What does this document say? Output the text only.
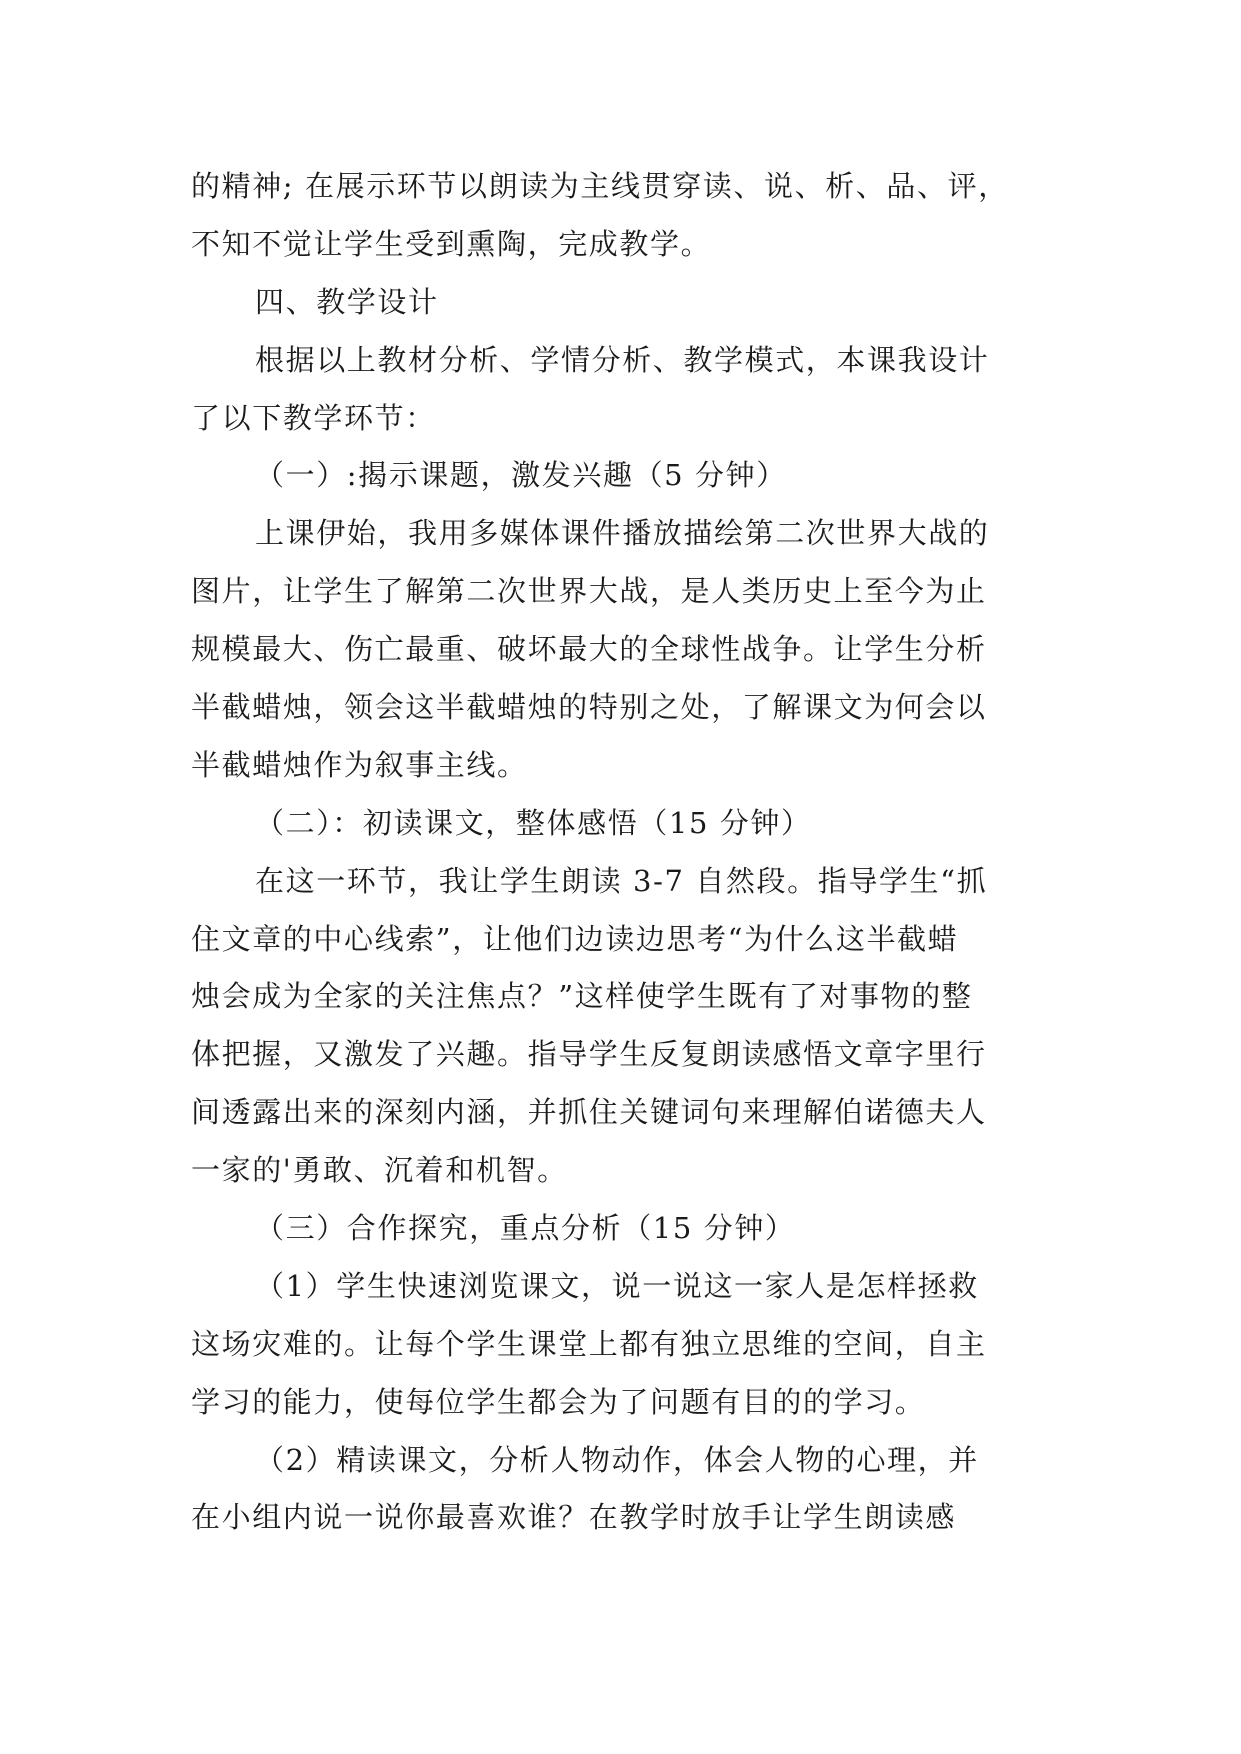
的精神; 在展示环节以朗读为主线贯穿读、说、析、品、评，
不知不觉让学生受到熏陶，完成教学。
四、教学设计
根据以上教材分析、学情分析、教学模式，本课我设计
了以下教学环节：
（一）:揭示课题，激发兴趣（5 分钟）
上课伊始，我用多媒体课件播放描绘第二次世界大战的
图片，让学生了解第二次世界大战，是人类历史上至今为止
规模最大、伤亡最重、破坏最大的全球性战争。让学生分析
半截蜡烛，领会这半截蜡烛的特别之处，了解课文为何会以
半截蜡烛作为叙事主线。
（二）：初读课文，整体感悟（15 分钟）
在这一环节，我让学生朗读 3-7 自然段。指导学生“抓
住文章的中心线索”，让他们边读边思考“为什么这半截蜡
烛会成为全家的关注焦点？”这样使学生既有了对事物的整
体把握，又激发了兴趣。指导学生反复朗读感悟文章字里行
间透露出来的深刻内涵，并抓住关键词句来理解伯诺德夫人
一家的'勇敢、沉着和机智。
（三）合作探究，重点分析（15 分钟）
（1）学生快速浏览课文，说一说这一家人是怎样拯救
这场灾难的。让每个学生课堂上都有独立思维的空间，自主
学习的能力，使每位学生都会为了问题有目的的学习。
（2）精读课文，分析人物动作，体会人物的心理，并
在小组内说一说你最喜欢谁？在教学时放手让学生朗读感
